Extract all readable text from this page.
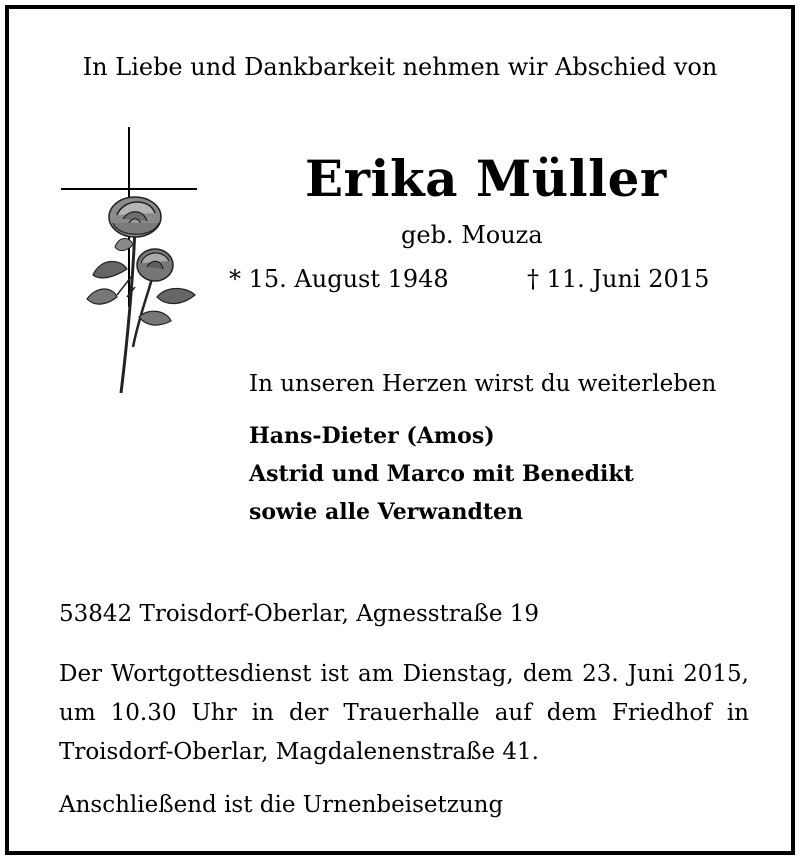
In Liebe und Dankbarkeit nehmen wir Abschied von
Erika Müller
geb. Mouza
* 15. August 1948	† 11. Juni 2015
In unseren Herzen wirst du weiterleben
Hans-Dieter (Amos)
Astrid und Marco mit Benedikt
sowie alle Verwandten
53842 Troisdorf-Oberlar, Agnesstraße 19
Der Wortgottesdienst ist am Dienstag, dem 23. Juni 2015,
um 10.30 Uhr in der Trauerhalle auf dem Friedhof in
Troisdorf-Oberlar, Magdalenenstraße 41.
Anschließend ist die Urnenbeisetzung
